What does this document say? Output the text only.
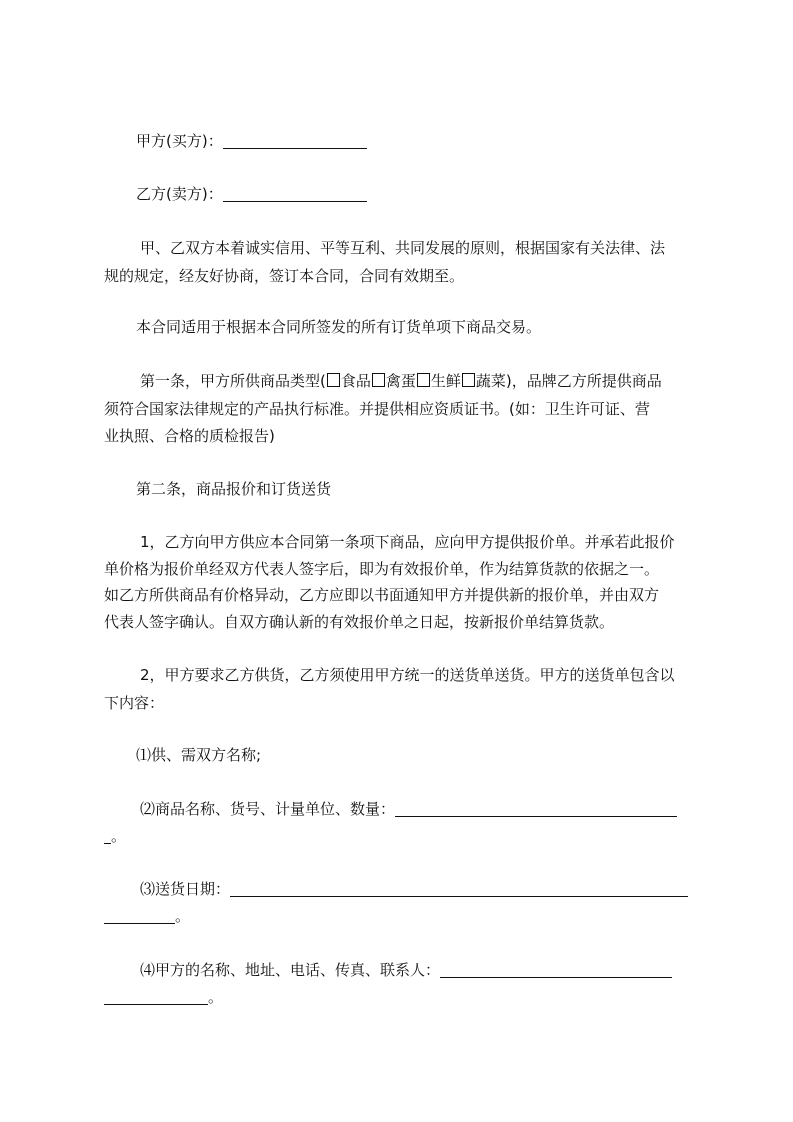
甲方(买方)：
乙方(卖方)：
甲、乙双方本着诚实信用、平等互利、共同发展的原则，根据国家有关法律、法
规的规定，经友好协商，签订本合同，合同有效期至。
本合同适用于根据本合同所签发的所有订货单项下商品交易。
第一条，甲方所供商品类型( 食品 禽蛋 生鲜 蔬菜)，品牌乙方所提供商品
须符合国家法律规定的产品执行标准。并提供相应资质证书。(如：卫生许可证、营
业执照、合格的质检报告)
第二条，商品报价和订货送货
1，乙方向甲方供应本合同第一条项下商品，应向甲方提供报价单。并承若此报价
单价格为报价单经双方代表人签字后，即为有效报价单，作为结算货款的依据之一。
如乙方所供商品有价格异动，乙方应即以书面通知甲方并提供新的报价单，并由双方
代表人签字确认。自双方确认新的有效报价单之日起，按新报价单结算货款。
2，甲方要求乙方供货，乙方须使用甲方统一的送货单送货。甲方的送货单包含以
下内容：
⑴供、需双方名称;
⑵商品名称、货号、计量单位、数量：
。
⑶送货日期：
。
⑷甲方的名称、地址、电话、传真、联系人：
。
